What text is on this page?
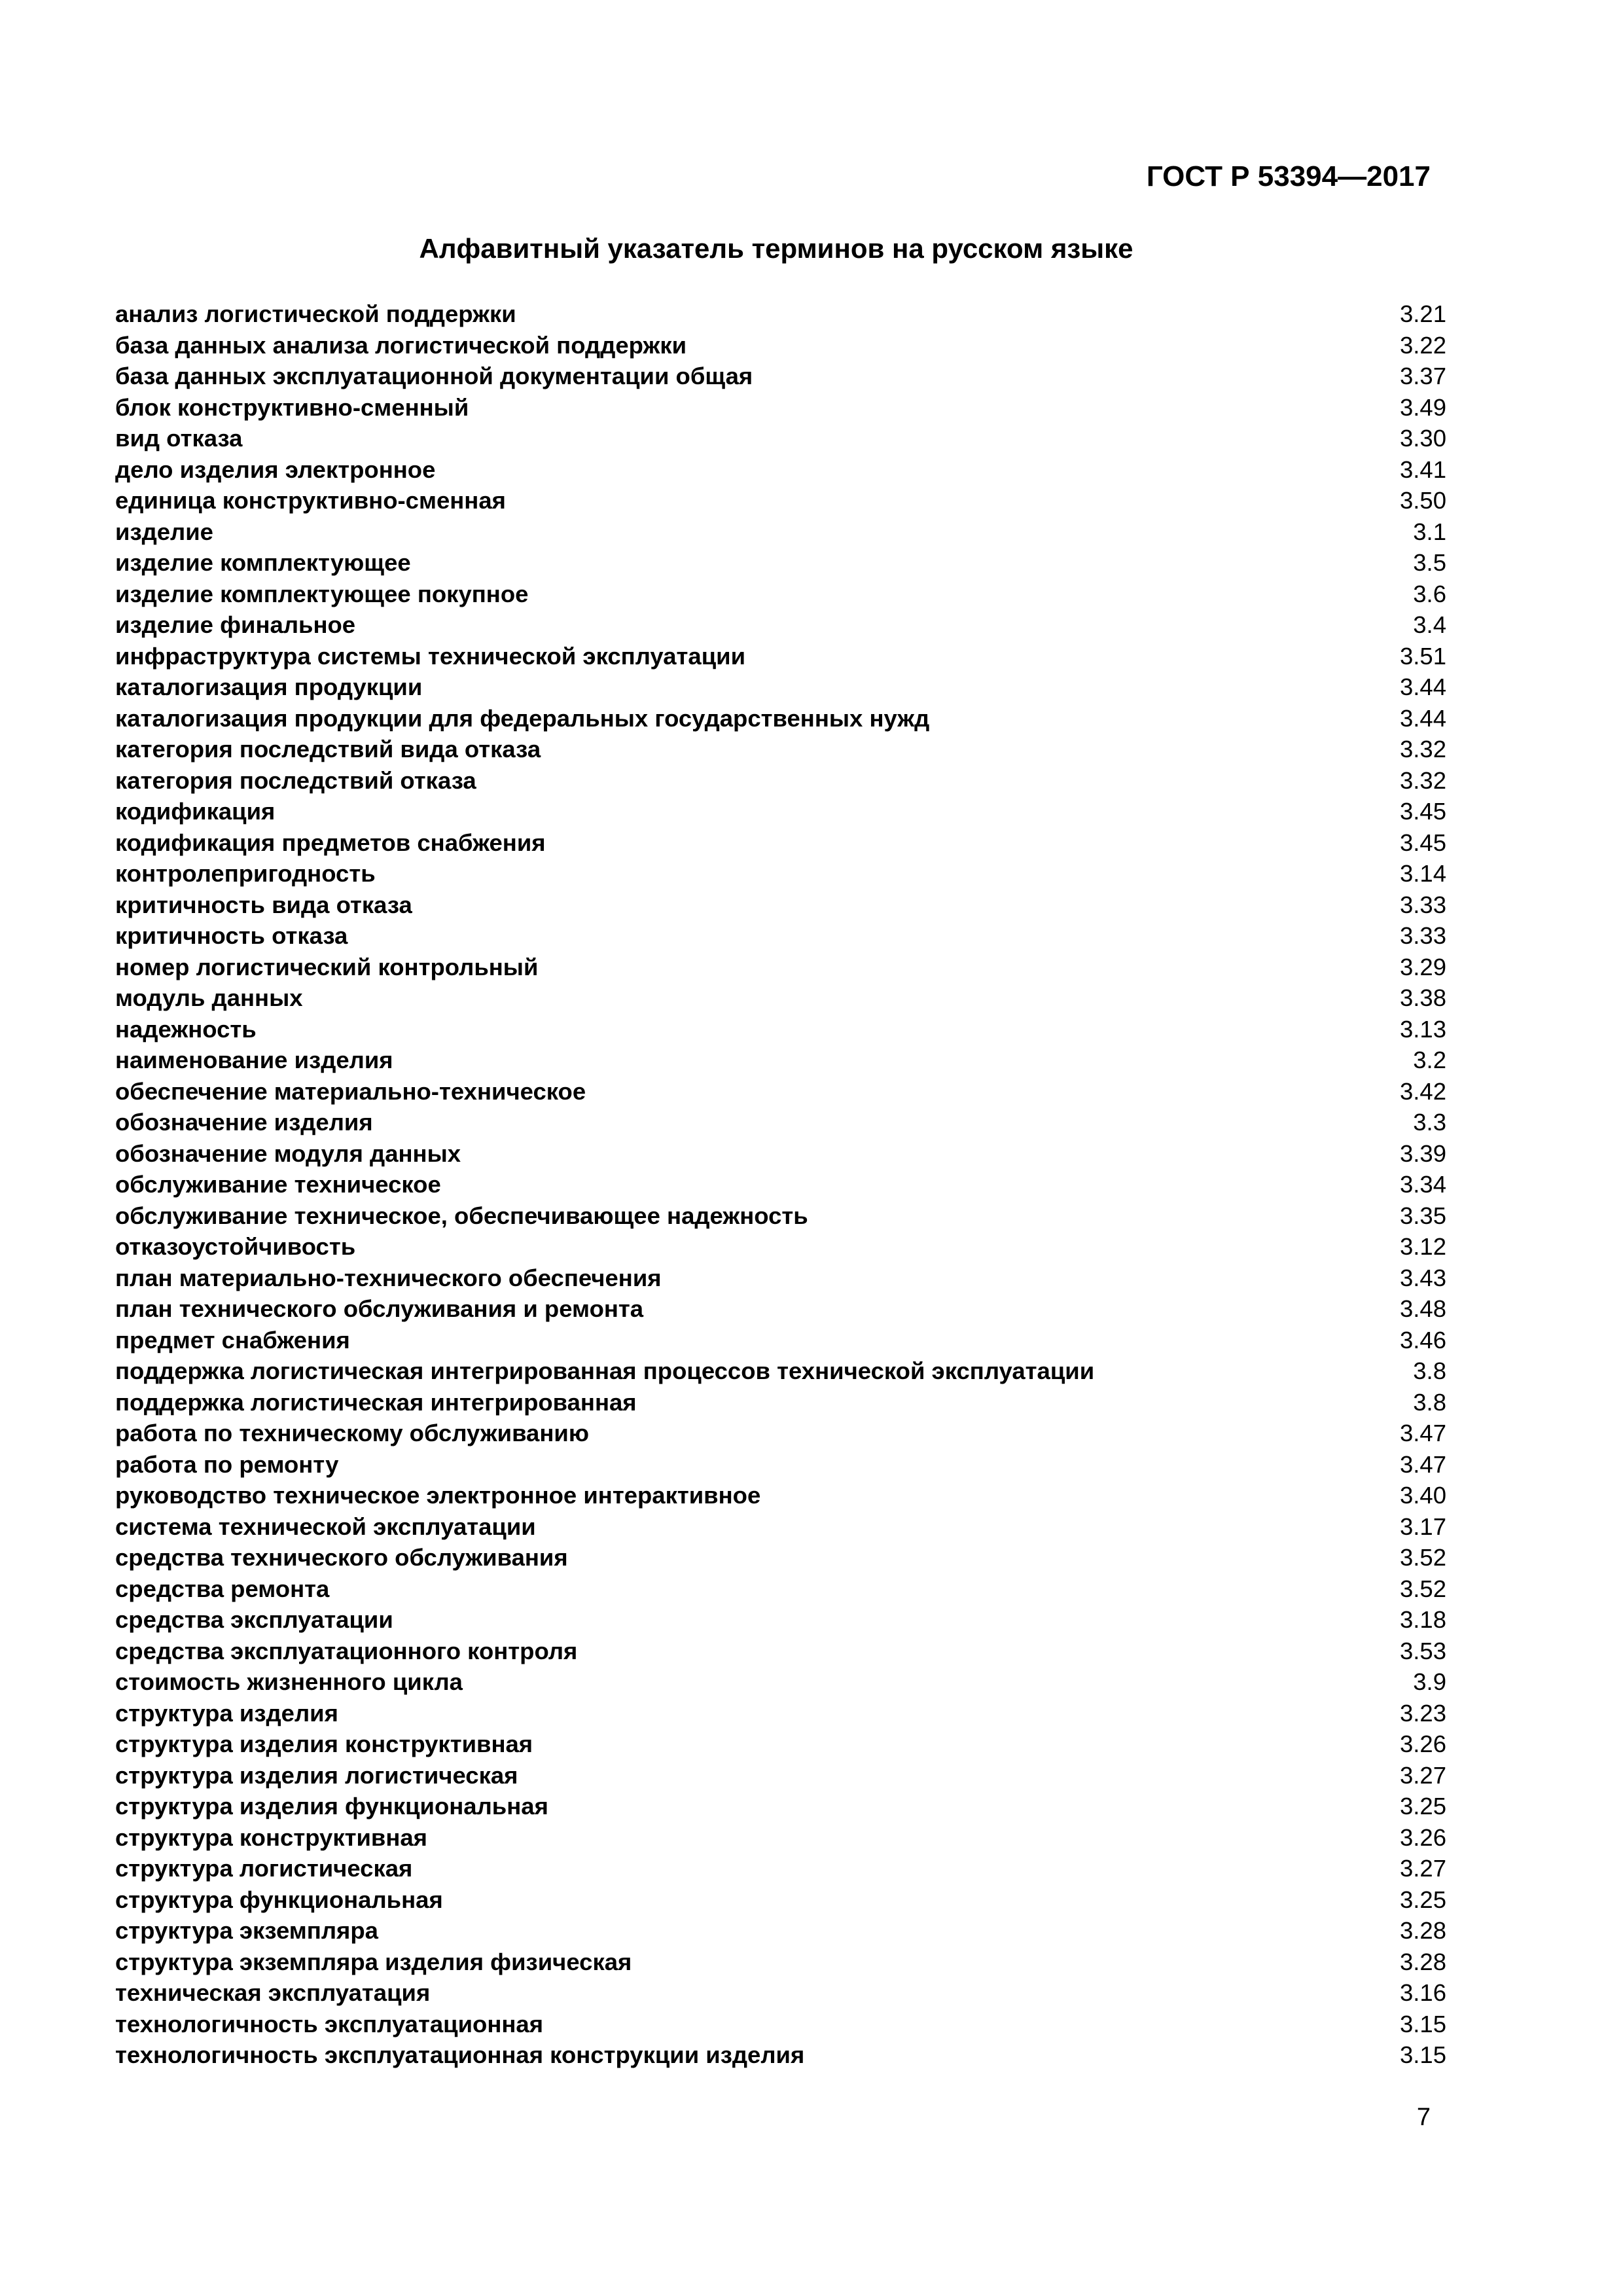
ГОСТ Р 53394—2017
Алфавитный указатель терминов на русском языке
анализ логистической поддержки	3.21
база данных анализа логистической поддержки	3.22
база данных эксплуатационной документации общая	3.37
блок конструктивно-сменный	3.49
вид отказа	3.30
дело изделия электронное	3.41
единица конструктивно-сменная	3.50
изделие	3.1
изделие комплектующее	3.5
изделие комплектующее покупное	3.6
изделие финальное	3.4
инфраструктура системы технической эксплуатации	3.51
каталогизация продукции	3.44
каталогизация продукции для федеральных государственных нужд	3.44
категория последствий вида отказа	3.32
категория последствий отказа	3.32
кодификация	3.45
кодификация предметов снабжения	3.45
контролепригодность	3.14
критичность вида отказа	3.33
критичность отказа	3.33
номер логистический контрольный	3.29
модуль данных	3.38
надежность	3.13
наименование изделия	3.2
обеспечение материально-техническое	3.42
обозначение изделия	3.3
обозначение модуля данных	3.39
обслуживание техническое	3.34
обслуживание техническое, обеспечивающее надежность	3.35
отказоустойчивость	3.12
план материально-технического обеспечения	3.43
план технического обслуживания и ремонта	3.48
предмет снабжения	3.46
поддержка логистическая интегрированная процессов технической эксплуатации	3.8
поддержка логистическая интегрированная	3.8
работа по техническому обслуживанию	3.47
работа по ремонту	3.47
руководство техническое электронное интерактивное	3.40
система технической эксплуатации	3.17
средства технического обслуживания	3.52
средства ремонта	3.52
средства эксплуатации	3.18
средства эксплуатационного контроля	3.53
стоимость жизненного цикла	3.9
структура изделия	3.23
структура изделия конструктивная	3.26
структура изделия логистическая	3.27
структура изделия функциональная	3.25
структура конструктивная	3.26
структура логистическая	3.27
структура функциональная	3.25
структура экземпляра	3.28
структура экземпляра изделия физическая	3.28
техническая эксплуатация	3.16
технологичность эксплуатационная	3.15
технологичность эксплуатационная конструкции изделия	3.15
7
